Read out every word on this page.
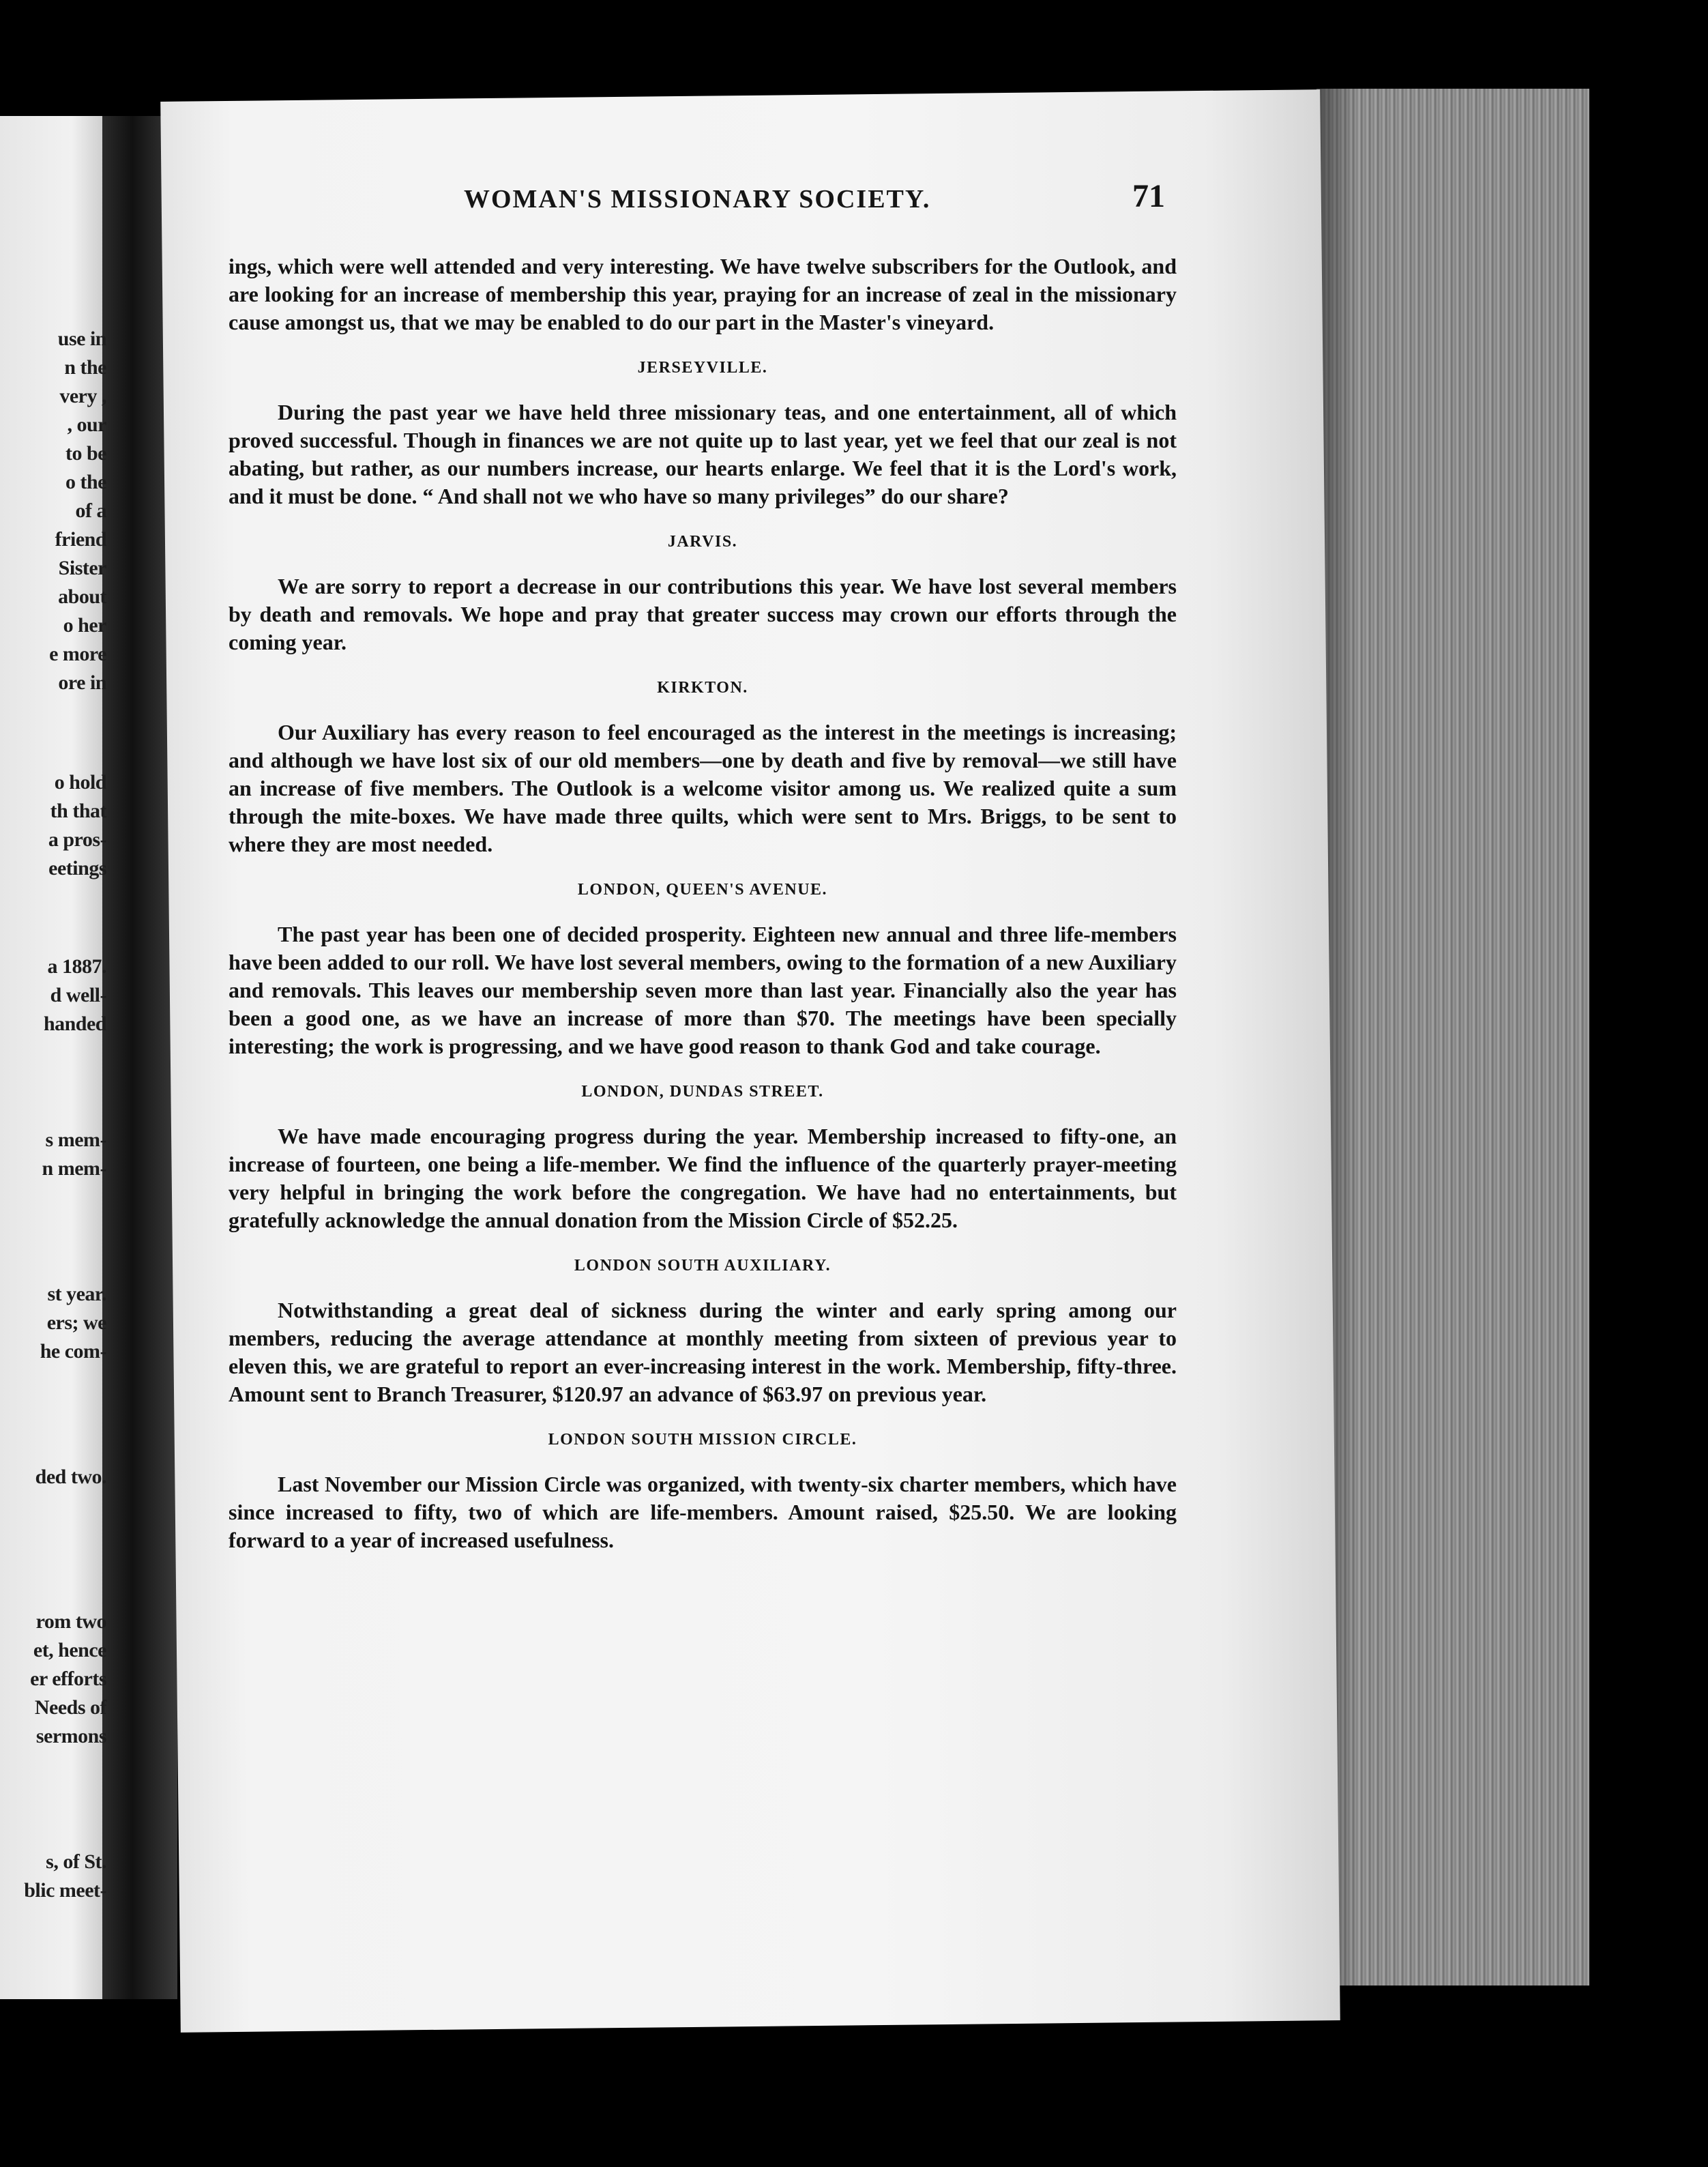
use in
n the
very ,
, our
to be
o the
of a
friend
Sister
about
o her
e more
ore in
o hold
th that
a pros-
eetings
a 1887.
d well-
handed
s mem-
n mem-
st year.
ers; we
he com-
ded two.
rom two
et, hence
er efforts
Needs of
sermons
s, of St.
blic meet-
WOMAN'S MISSIONARY SOCIETY.	71

ings, which were well attended and very interesting. We have twelve subscribers for the Outlook, and are looking for an increase of membership this year, praying for an increase of zeal in the missionary cause amongst us, that we may be enabled to do our part in the Master's vineyard.

JERSEYVILLE.

During the past year we have held three missionary teas, and one entertainment, all of which proved successful. Though in finances we are not quite up to last year, yet we feel that our zeal is not abating, but rather, as our numbers increase, our hearts enlarge. We feel that it is the Lord's work, and it must be done. “ And shall not we who have so many privileges” do our share?

JARVIS.

We are sorry to report a decrease in our contributions this year. We have lost several members by death and removals. We hope and pray that greater success may crown our efforts through the coming year.

KIRKTON.

Our Auxiliary has every reason to feel encouraged as the interest in the meetings is increasing; and although we have lost six of our old members—one by death and five by removal—we still have an increase of five members. The Outlook is a welcome visitor among us. We realized quite a sum through the mite-boxes. We have made three quilts, which were sent to Mrs. Briggs, to be sent to where they are most needed.

LONDON, QUEEN'S AVENUE.

The past year has been one of decided prosperity. Eighteen new annual and three life-members have been added to our roll. We have lost several members, owing to the formation of a new Auxiliary and removals. This leaves our membership seven more than last year. Financially also the year has been a good one, as we have an increase of more than $70. The meetings have been specially interesting; the work is progressing, and we have good reason to thank God and take courage.

LONDON, DUNDAS STREET.

We have made encouraging progress during the year. Membership increased to fifty-one, an increase of fourteen, one being a life-member. We find the influence of the quarterly prayer-meeting very helpful in bringing the work before the congregation. We have had no entertainments, but gratefully acknowledge the annual donation from the Mission Circle of $52.25.

LONDON SOUTH AUXILIARY.

Notwithstanding a great deal of sickness during the winter and early spring among our members, reducing the average attendance at monthly meeting from sixteen of previous year to eleven this, we are grateful to report an ever-increasing interest in the work. Membership, fifty-three. Amount sent to Branch Treasurer, $120.97 an advance of $63.97 on previous year.

LONDON SOUTH MISSION CIRCLE.

Last November our Mission Circle was organized, with twenty-six charter members, which have since increased to fifty, two of which are life-members. Amount raised, $25.50. We are looking forward to a year of increased usefulness.
